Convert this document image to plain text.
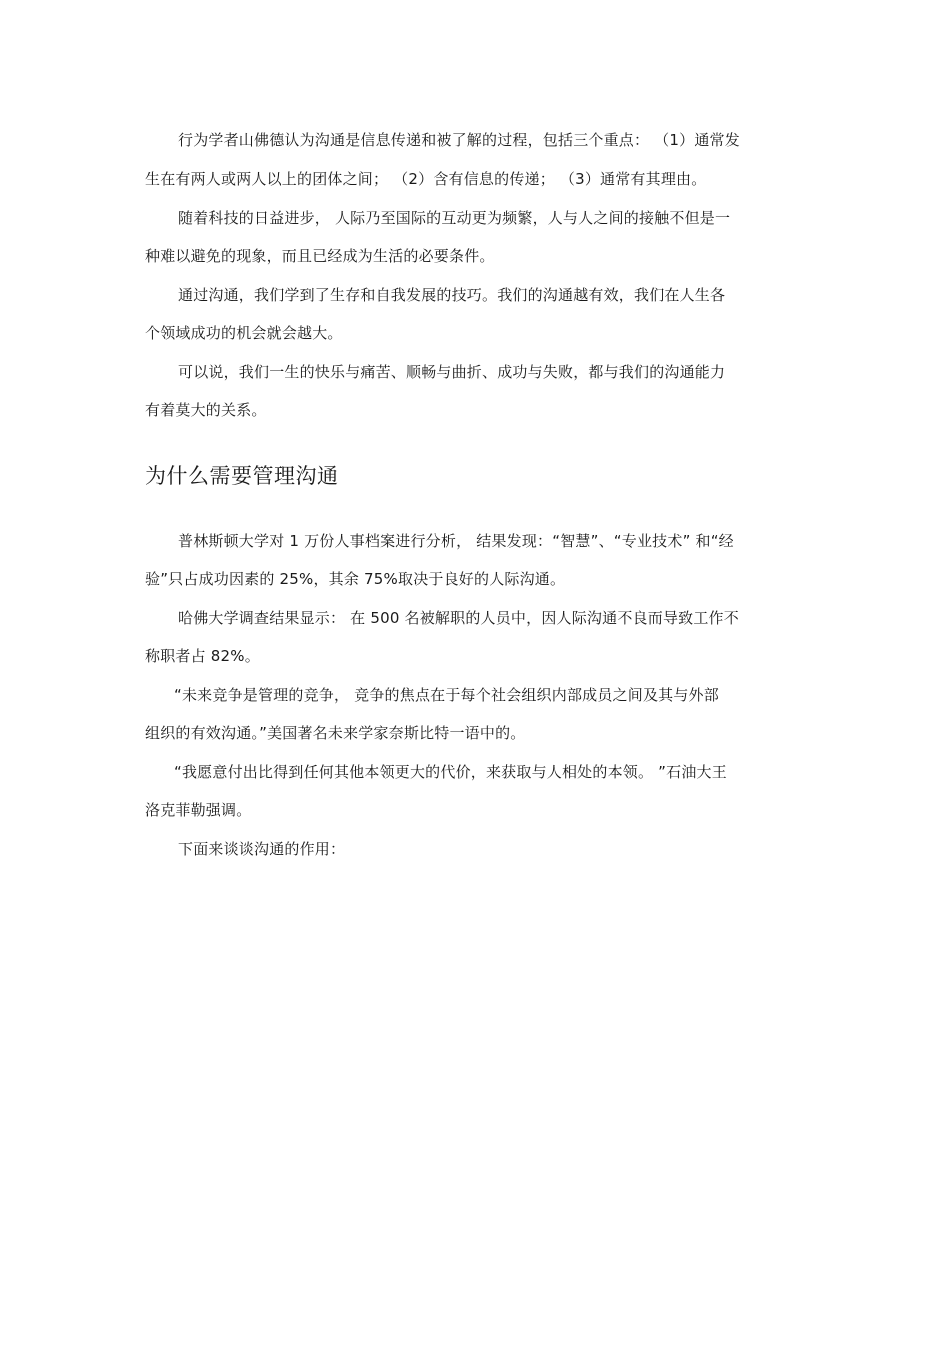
行为学者山佛德认为沟通是信息传递和被了解的过程，包括三个重点： （1）通常发
生在有两人或两人以上的团体之间； （2）含有信息的传递； （3）通常有其理由。
随着科技的日益进步， 人际乃至国际的互动更为频繁，人与人之间的接触不但是一
种难以避免的现象，而且已经成为生活的必要条件。
通过沟通，我们学到了生存和自我发展的技巧。我们的沟通越有效，我们在人生各
个领域成功的机会就会越大。
可以说，我们一生的快乐与痛苦、顺畅与曲折、成功与失败，都与我们的沟通能力
有着莫大的关系。
为什么需要管理沟通
普林斯顿大学对 1 万份人事档案进行分析， 结果发现：“智慧”、“专业技术” 和“经
验”只占成功因素的 25%，其余 75%取决于良好的人际沟通。
哈佛大学调查结果显示： 在 500 名被解职的人员中，因人际沟通不良而导致工作不
称职者占 82%。
“未来竞争是管理的竞争， 竞争的焦点在于每个社会组织内部成员之间及其与外部
组织的有效沟通。”美国著名未来学家奈斯比特一语中的。
“我愿意付出比得到任何其他本领更大的代价，来获取与人相处的本领。 ”石油大王
洛克菲勒强调。
下面来谈谈沟通的作用：
